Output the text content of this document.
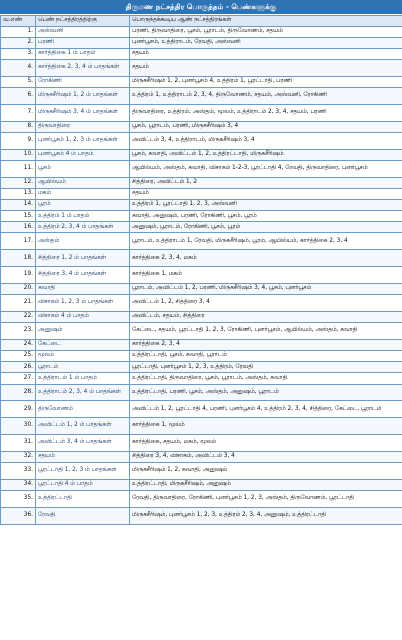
திருமண நட்சத்திர பொருத்தம் - பெண்களுக்கு
வ.எண்	பெண் நட்சத்திரத்திற்கு	பொருந்தக்கூடிய ஆண் நட்சத்திரங்கள்
1.	அஸ்வனி	பரணி, திருவாதிரை, பூசம், பூராடம், திருவோணம், சதயம்
2.	பரணி	புனர்பூசம், உத்திராடம், ரேவதி, அஸ்வனி
3.	கார்த்திகை 1 ம் பாதம்	சதயம்
4.	கார்த்திகை 2, 3, 4 ம் பாதங்கள்	சதயம்
5.	ரோகிணி	மிருகசீரிஷம் 1, 2, புனர்பூசம் 4, உத்திரம் 1, பூரட்டாதி, பரணி
6.	மிருகசீரிஷம் 1, 2 ம் பாதங்கள்	உத்திரம் 1, உத்திராடம் 2, 3, 4, திருவோணம், சதயம், அஸ்வனி, ரோகிணி
7.	மிருகசீரிஷம் 3, 4 ம் பாதங்கள்	திருவாதிரை, உத்திரம், அஸ்தம், மூலம், உத்திராடம் 2, 3, 4, சதயம், பரணி
8.	திருவாதிரை	பூசம், பூராடம், பரணி, மிருகசீரிஷம் 3, 4
9.	புனர்பூசம் 1, 2, 3 ம் பாதங்கள்	அவிட்டம் 3, 4, உத்திராடம், மிருகசீரிஷம் 3, 4
10.	புனர்பூசம் 4 ம் பாதம்	பூசம், சுவாதி, அவிட்டம் 1, 2, உத்திரட்டாதி, மிருகசீரிஷம்
11.	பூசம்	ஆயில்யம், அஸ்தம், சுவாதி, விசாகம் 1-2-3, பூரட்டாதி 4, ரேவதி, திருவாதிரை, புனர்பூசம்
12.	ஆயில்யம்	சித்திரை, அவிட்டம் 1, 2
13.	மகம்	சதயம்
14.	பூரம்	உத்திரம் 1, பூரட்டாதி 1, 2, 3, அஸ்வனி
15.	உத்திரம் 1 ம் பாதம்	சுவாதி, அனுஷம், பரணி, ரோகிணி, பூசம், பூரம்
16.	உத்திரம் 2, 3, 4 ம் பாதங்கள்	அனுஷம், பூராடம், ரோகிணி, பூசம், பூரம்
17.	அஸ்தம்	பூராடம், உத்திராடம் 1, ரேவதி, மிருகசீரிஷம், பூரம், ஆயில்யம், கார்த்திகை 2, 3, 4
18.	சித்திரை 1, 2 ம் பாதங்கள்	கார்த்திகை 2, 3, 4, மகம்
19.	சித்திரை 3, 4 ம் பாதங்கள்	கார்த்திகை 1, மகம்
20.	சுவாதி	பூராடம், அவிட்டம் 1, 2, பரணி, மிருகசீரிஷம் 3, 4, பூசம், புனர்பூசம்
21.	விசாகம் 1, 2, 3 ம் பாதங்கள்	அவிட்டம் 1, 2, சித்திரை 3, 4
22.	விசாகம் 4 ம் பாதம்	அவிட்டம், சதயம், சித்திரை
23.	அனுஷம்	கேட்டை, சதயம், பூரட்டாதி 1, 2, 3, ரோகிணி, புனர்பூசம், ஆயில்யம், அஸ்தம், சுவாதி
24.	கேட்டை	கார்த்திகை 2, 3, 4
25.	மூலம்	உத்திரட்டாதி, பூசம், சுவாதி, பூராடம்
26.	பூராடம்	பூரட்டாதி, புனர்பூசம் 1, 2, 3, உத்திரம், ரேவதி
27.	உத்திராடம் 1 ம் பாதம்	உத்திரட்டாதி, திருவாதிரை, பூசம், பூராடம், அஸ்தம், சுவாதி
28.	உத்திராடம் 2, 3, 4 ம் பாதங்கள்	உத்திரட்டாதி, பரணி, பூசம், அஸ்தம், அனுஷம், பூராடம்
29.	திருவோணம்	அவிட்டம் 1, 2, பூரட்டாதி 4, பரணி, புனர்பூசம் 4, உத்திரம் 2, 3, 4, சித்திரை, கேட்டை, பூராடம்
30.	அவிட்டம் 1, 2 ம் பாதங்கள்	கார்த்திகை 1, மூலம்
31.	அவிட்டம் 3, 4 ம் பாதங்கள்	கார்த்திகை, சதயம், மகம், மூலம்
32.	சதயம்	சித்திரை 3, 4, விசாகம், அவிட்டம் 3, 4
33.	பூரட்டாதி 1, 2, 3 ம் பாதங்கள்	மிருகசீரிஷம் 1, 2, சுவாதி, அனுஷம்
34.	பூரட்டாதி 4 ம் பாதம்	உத்திரட்டாதி, மிருகசீரிஷம், அனுஷம்
35.	உத்திரட்டாதி	ரேவதி, திருவாதிரை, ரோகிணி, புனர்பூசம் 1, 2, 3, அஸ்தம், திருவோணம், பூரட்டாதி
36.	ரேவதி	மிருகசீரிஷம், புனர்பூசம் 1, 2, 3, உத்திரம் 2, 3, 4, அனுஷம், உத்திரட்டாதி
